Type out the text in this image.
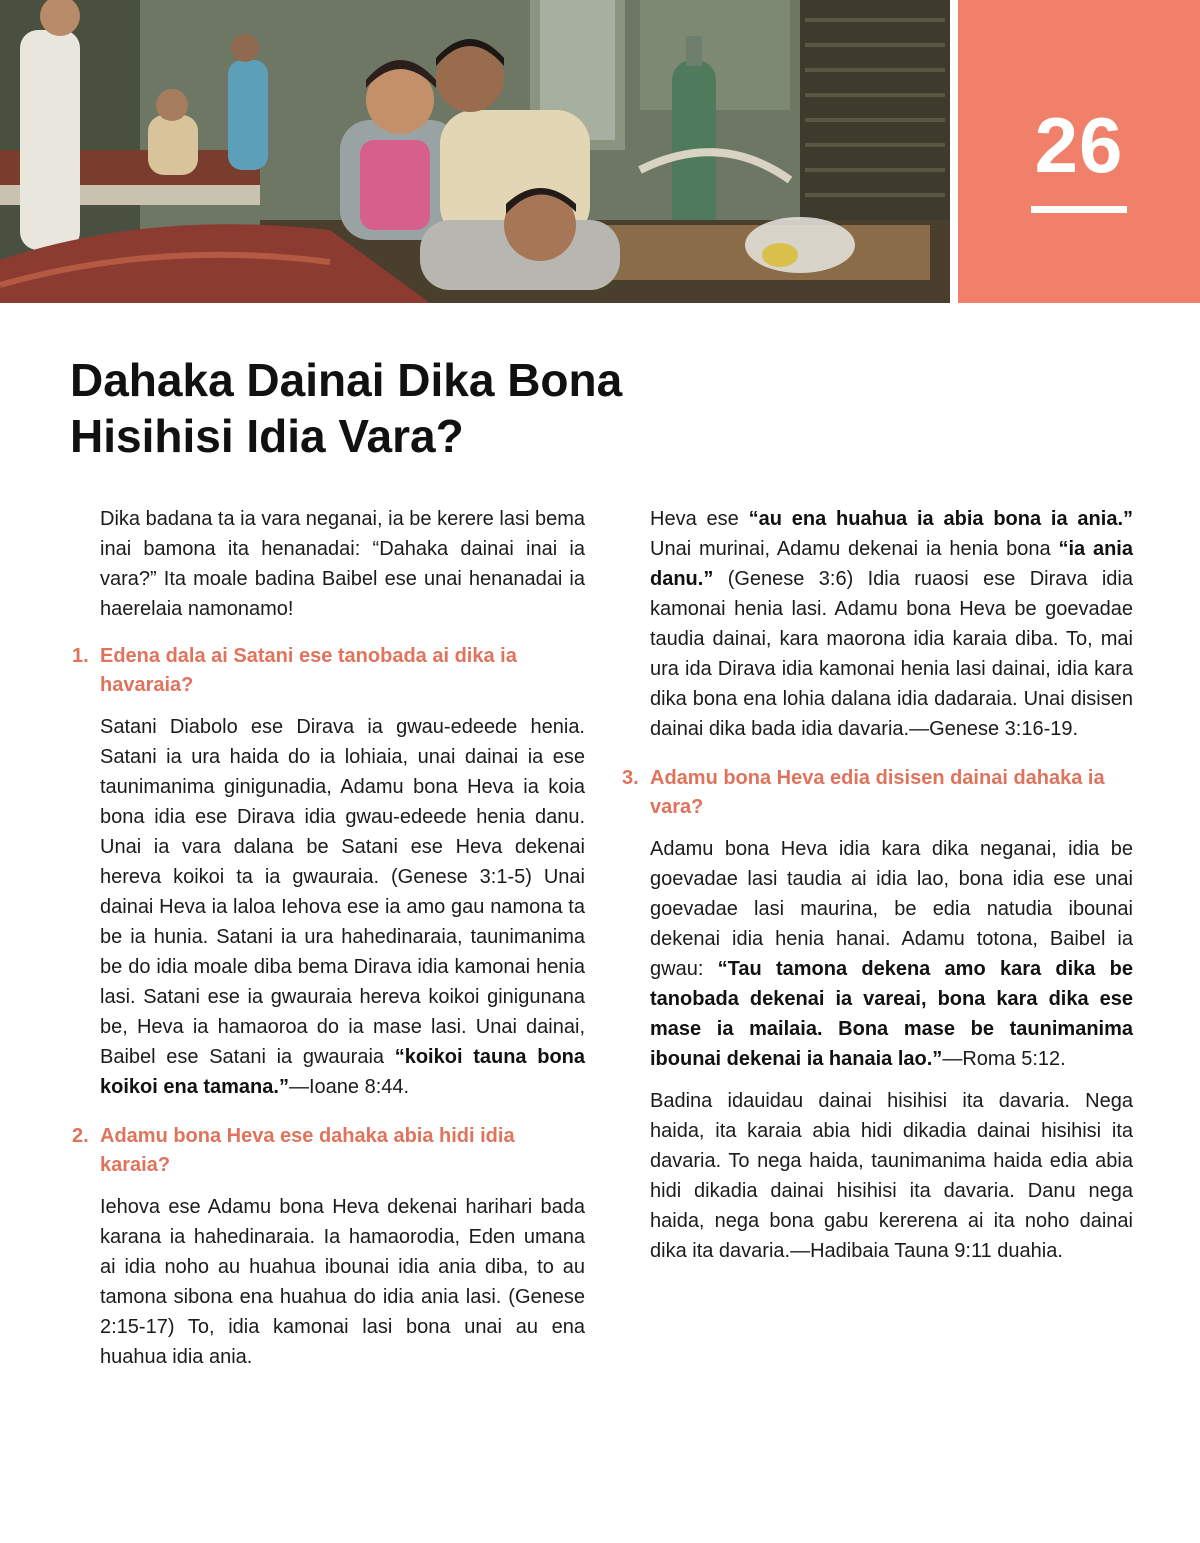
26
Dahaka Dainai Dika Bona
Hisihisi Idia Vara?

Dika badana ta ia vara neganai, ia be kerere lasi bema inai bamona ita henanadai: “Dahaka dainai inai ia vara?” Ita moale badina Baibel ese unai henanadai ia haerelaia namonamo!

1. Edena dala ai Satani ese tanobada ai dika ia havaraia?

Satani Diabolo ese Dirava ia gwau-edeede henia. Satani ia ura haida do ia lohiaia, unai dainai ia ese taunimanima ginigunadia, Adamu bona Heva ia koia bona idia ese Dirava idia gwau-edeede henia danu. Unai ia vara dalana be Satani ese Heva dekenai hereva koikoi ta ia gwauraia. (Genese 3:1-5) Unai dainai Heva ia laloa Iehova ese ia amo gau namona ta be ia hunia. Satani ia ura hahedinaraia, taunimanima be do idia moale diba bema Dirava idia kamonai henia lasi. Satani ese ia gwauraia hereva koikoi ginigunana be, Heva ia hamaoroa do ia mase lasi. Unai dainai, Baibel ese Satani ia gwauraia “koikoi tauna bona koikoi ena tamana.”—Ioane 8:44.

2. Adamu bona Heva ese dahaka abia hidi idia karaia?

Iehova ese Adamu bona Heva dekenai harihari bada karana ia hahedinaraia. Ia hamaorodia, Eden umana ai idia noho au huahua ibounai idia ania diba, to au tamona sibona ena huahua do idia ania lasi. (Genese 2:15-17) To, idia kamonai lasi bona unai au ena huahua idia ania.

Heva ese “au ena huahua ia abia bona ia ania.” Unai murinai, Adamu dekenai ia henia bona “ia ania danu.” (Genese 3:6) Idia ruaosi ese Dirava idia kamonai henia lasi. Adamu bona Heva be goevadae taudia dainai, kara maorona idia karaia diba. To, mai ura ida Dirava idia kamonai henia lasi dainai, idia kara dika bona ena lohia dalana idia dadaraia. Unai disisen dainai dika bada idia davaria.—Genese 3:16-19.

3. Adamu bona Heva edia disisen dainai dahaka ia vara?

Adamu bona Heva idia kara dika neganai, idia be goevadae lasi taudia ai idia lao, bona idia ese unai goevadae lasi maurina, be edia natudia ibounai dekenai idia henia hanai. Adamu totona, Baibel ia gwau: “Tau tamona dekena amo kara dika be tanobada dekenai ia vareai, bona kara dika ese mase ia mailaia. Bona mase be taunimanima ibounai dekenai ia hanaia lao.”—Roma 5:12.

Badina idauidau dainai hisihisi ita davaria. Nega haida, ita karaia abia hidi dikadia dainai hisihisi ita davaria. To nega haida, taunimanima haida edia abia hidi dikadia dainai hisihisi ita davaria. Danu nega haida, nega bona gabu kererena ai ita noho dainai dika ita davaria.—Hadibaia Tauna 9:11 duahia.
